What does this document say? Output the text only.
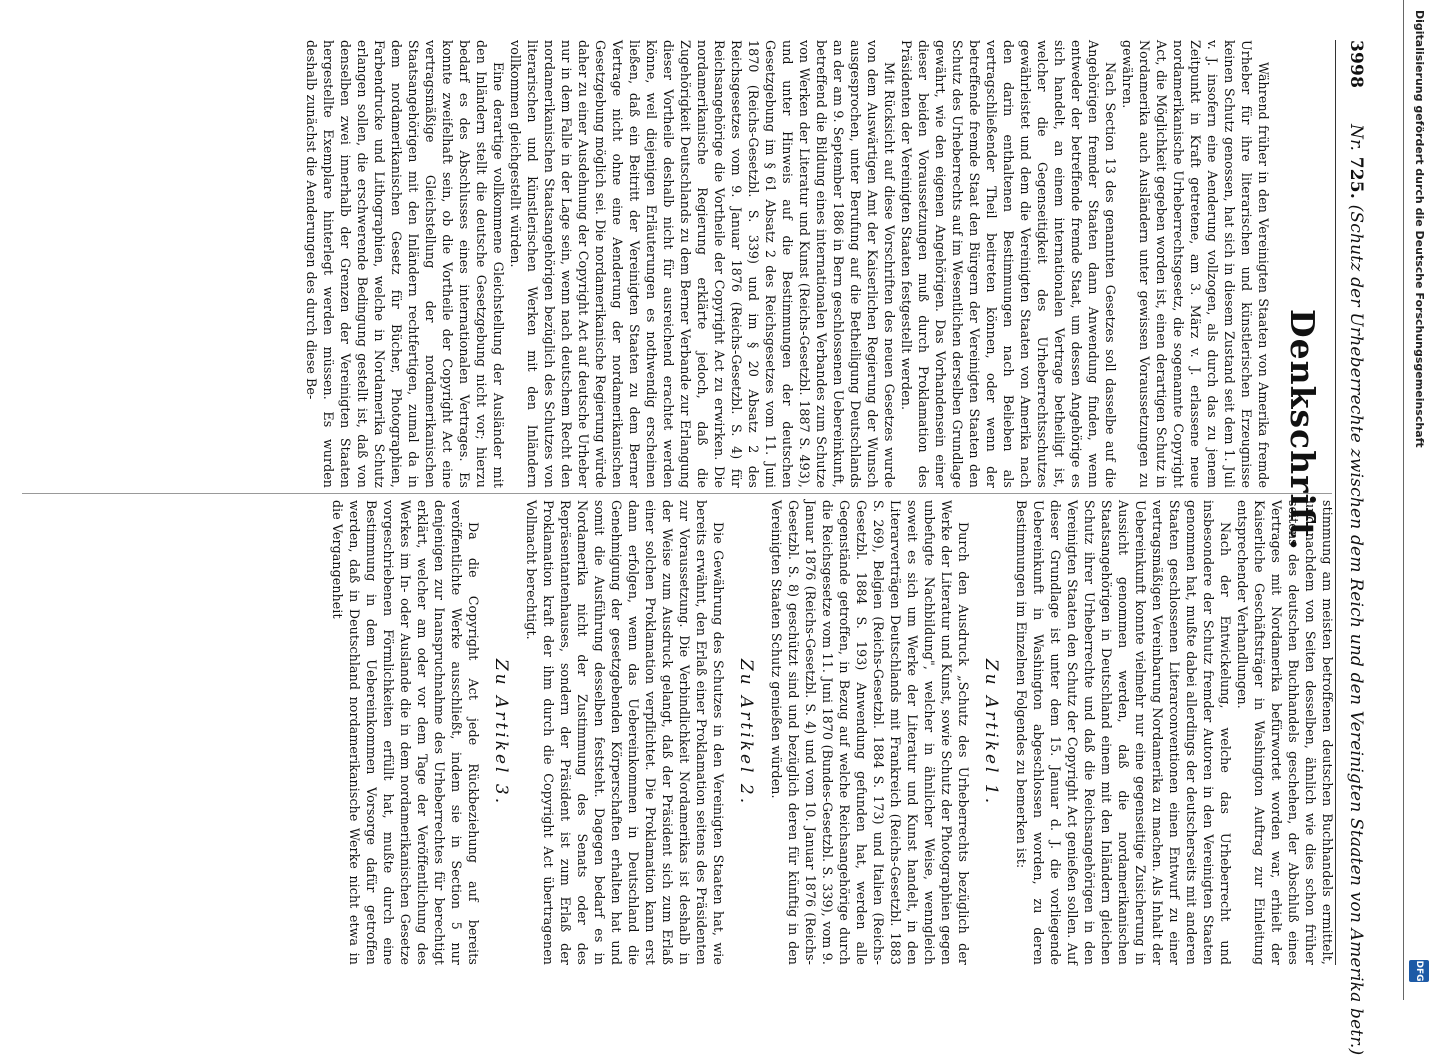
3998
Nr. 725. (Schutz der Urheberrechte zwischen dem Reich und den Vereinigten Staaten von Amerika betr.)
Denkschrift.

Während früher in den Vereinigten Staaten von Amerika fremde Urheber für ihre literarischen und künstlerischen Erzeugnisse keinen Schutz genossen, hat sich in diesem Zustand seit dem 1. Juli v. J. insofern eine Aenderung vollzogen, als durch das zu jenem Zeitpunkt in Kraft getretene, am 3. März v. J. erlassene neue nordamerikanische Urheberrechtsgesetz, die sogenannte Copyright Act, die Möglichkeit gegeben worden ist, einen derartigen Schutz in Nordamerika auch Ausländern unter gewissen Voraussetzungen zu gewähren.

Nach Section 13 des genannten Gesetzes soll dasselbe auf die Angehörigen fremder Staaten dann Anwendung finden, wenn entweder der betreffende fremde Staat, um dessen Angehörige es sich handelt, an einem internationalen Vertrage betheiligt ist, welcher die Gegenseitigkeit des Urheberrechtsschutzes gewährleistet und dem die Vereinigten Staaten von Amerika nach den darin enthaltenen Bestimmungen nach Belieben als vertragschließender Theil beitreten können, oder wenn der betreffende fremde Staat den Bürgern der Vereinigten Staaten den Schutz des Urheberrechts auf im Wesentlichen derselben Grundlage gewährt, wie den eigenen Angehörigen. Das Vorhandensein einer dieser beiden Voraussetzungen muß durch Proklamation des Präsidenten der Vereinigten Staaten festgestellt werden.

Mit Rücksicht auf diese Vorschriften des neuen Gesetzes wurde von dem Auswärtigen Amt der Kaiserlichen Regierung der Wunsch ausgesprochen, unter Berufung auf die Betheiligung Deutschlands an der am 9. September 1886 in Bern geschlossenen Uebereinkunft, betreffend die Bildung eines internationalen Verbandes zum Schutze von Werken der Literatur und Kunst (Reichs-Gesetzbl. 1887 S. 493), und unter Hinweis auf die Bestimmungen der deutschen Gesetzgebung im § 61 Absatz 2 des Reichsgesetzes vom 11. Juni 1870 (Reichs-Gesetzbl. S. 339) und im § 20 Absatz 2 des Reichsgesetzes vom 9. Januar 1876 (Reichs-Gesetzbl. S. 4) für Reichsangehörige die Vortheile der Copyright Act zu erwirken. Die nordamerikanische Regierung erklärte jedoch, daß die Zugehörigkeit Deutschlands zu dem Berner Verbande zur Erlangung dieser Vortheile deshalb nicht für ausreichend erachtet werden könne, weil diejenigen Erläuterungen es nothwendig erscheinen ließen, daß ein Beitritt der Vereinigten Staaten zu dem Berner Vertrage nicht ohne eine Aenderung der nordamerikanischen Gesetzgebung möglich sei. Die nordamerikanische Regierung würde daher zu einer Ausdehnung der Copyright Act auf deutsche Urheber nur in dem Falle in der Lage sein, wenn nach deutschem Recht den nordamerikanischen Staatsangehörigen bezüglich des Schutzes von literarischen und künstlerischen Werken mit den Inländern vollkommen gleichgestellt würden.

Eine derartige vollkommene Gleichstellung der Ausländer mit den Inländern stellt die deutsche Gesetzgebung nicht vor; hierzu bedarf es des Abschlusses eines internationalen Vertrages. Es konnte zweifelhaft sein, ob die Vortheile der Copyright Act eine vertragsmäßige Gleichstellung der nordamerikanischen Staatsangehörigen mit den Inländern rechtfertigen, zumal da in dem nordamerikanischen Gesetz für Bücher, Photographien, Farbendrucke und Lithographien, welche in Nordamerika Schutz erlangen sollen, die erschwerende Bedingung gestellt ist, daß von denselben zwei innerhalb der Grenzen der Vereinigten Staaten hergestellte Exemplare hinterlegt werden müssen. Es wurden deshalb zunächst die Aenderungen des durch diese Be-

stimmung am meisten betroffenen deutschen Buchhandels ermittelt, und nachdem von Seiten desselben, ähnlich wie dies schon früher seitens des deutschen Buchhandels geschehen, der Abschluß eines Vertrages mit Nordamerika befürwortet worden war, erhielt der Kaiserliche Geschäftsträger in Washington Auftrag zur Einleitung entsprechender Verhandlungen.

Nach der Entwickelung, welche das Urheberrecht und insbesondere der Schutz fremder Autoren in den Vereinigten Staaten genommen hat, mußte dabei allerdings der deutscherseits mit anderen Staaten geschlossenen Literarconventionen einen Entwurf zu einer vertragsmäßigen Vereinbarung Nordamerika zu machen. Als Inhalt der Uebereinkunft konnte vielmehr nur eine gegenseitige Zusicherung in Aussicht genommen werden, daß die nordamerikanischen Staatsangehörigen in Deutschland einem mit den Inländern gleichen Schutz ihrer Urheberrechte und daß die Reichsangehörigen in den Vereinigten Staaten den Schutz der Copyright Act genießen sollen. Auf dieser Grundlage ist unter dem 15. Januar d. J. die vorliegende Uebereinkunft in Washington abgeschlossen worden, zu deren Bestimmungen im Einzelnen Folgendes zu bemerken ist:

Zu Artikel 1.

Durch den Ausdruck „Schutz des Urheberrechts bezüglich der Werke der Literatur und Kunst, sowie Schutz der Photographien gegen unbefugte Nachbildung", welcher in ähnlicher Weise, wenngleich soweit es sich um Werke der Literatur und Kunst handelt, in den Literarverträgen Deutschlands mit Frankreich (Reichs-Gesetzbl. 1883 S. 269), Belgien (Reichs-Gesetzbl. 1884 S. 173) und Italien (Reichs-Gesetzbl. 1884 S. 193) Anwendung gefunden hat, werden alle Gegenstände getroffen, in Bezug auf welche Reichsangehörige durch die Reichsgesetze vom 11. Juni 1870 (Bundes-Gesetzbl. S. 339), vom 9. Januar 1876 (Reichs-Gesetzbl. S. 4) und vom 10. Januar 1876 (Reichs-Gesetzbl. S. 8) geschützt sind und bezüglich deren für künftig in den Vereinigten Staaten Schutz genießen würden.

Zu Artikel 2.

Die Gewährung des Schutzes in den Vereinigten Staaten hat, wie bereits erwähnt, den Erlaß einer Proklamation seitens des Präsidenten zur Voraussetzung. Die Verbindlichkeit Nordamerikas ist deshalb in der Weise zum Ausdruck gelangt, daß der Präsident sich zum Erlaß einer solchen Proklamation verpflichtet. Die Proklamation kann erst dann erfolgen, wenn das Uebereinkommen in Deutschland die Genehmigung der gesetzgebenden Körperschaften erhalten hat und somit die Ausführung desselben feststeht. Dagegen bedarf es in Nordamerika nicht der Zustimmung des Senats oder des Repräsentantenhauses, sondern der Präsident ist zum Erlaß der Proklamation kraft der ihm durch die Copyright Act übertragenen Vollmacht berechtigt.

Zu Artikel 3.

Da die Copyright Act jede Rückbeziehung auf bereits veröffentlichte Werke ausschließt, indem sie in Section 5 nur denjenigen zur Inanspruchnahme des Urheberrechtes für berechtigt erklärt, welcher am oder vor dem Tage der Veröffentlichung des Werkes im In- oder Auslande die in dem nordamerikanischen Gesetze vorgeschriebenen Förmlichkeiten erfüllt hat, mußte durch eine Bestimmung in dem Uebereinkommen Vorsorge dafür getroffen werden, daß in Deutschland nordamerikanische Werke nicht etwa in die Vergangenheit

Digitalisierung gefördert durch die Deutsche Forschungsgemeinschaft
DFG
